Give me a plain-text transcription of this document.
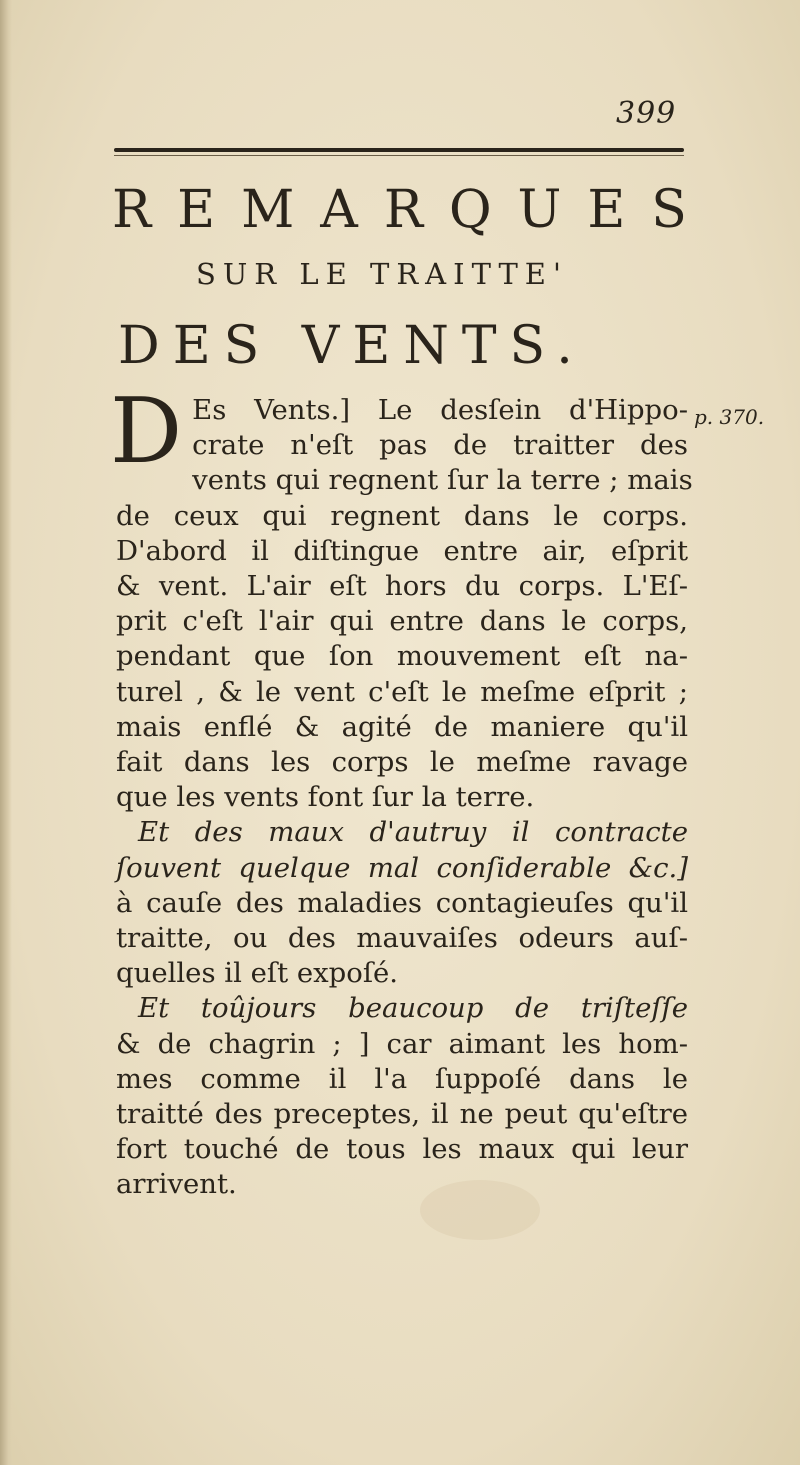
399
R E M A R Q U E S
SUR LE TRAITTE'
DES VENTS.
p. 370.
D Es Vents.] Le desſein d'Hippo-
crate n'eſt pas de traitter des
vents qui regnent ſur la terre ; mais
de ceux qui regnent dans le corps.
D'abord il diſtingue entre air, eſprit
& vent. L'air eſt hors du corps. L'Eſ-
prit c'eſt l'air qui entre dans le corps,
pendant que ſon mouvement eſt na-
turel , & le vent c'eſt le meſme eſprit ;
mais enflé & agité de maniere qu'il
fait dans les corps le meſme ravage
que les vents font ſur la terre.
Et des maux d'autruy il contracte
ſouvent quelque mal conſiderable &c.]
à cauſe des maladies contagieuſes qu'il
traitte, ou des mauvaiſes odeurs auſ-
quelles il eſt expoſé.
Et toûjours beaucoup de triſteſſe
& de chagrin ; ] car aimant les hom-
mes comme il l'a ſuppoſé dans le
traitté des preceptes, il ne peut qu'eſtre
fort touché de tous les maux qui leur
arrivent.
